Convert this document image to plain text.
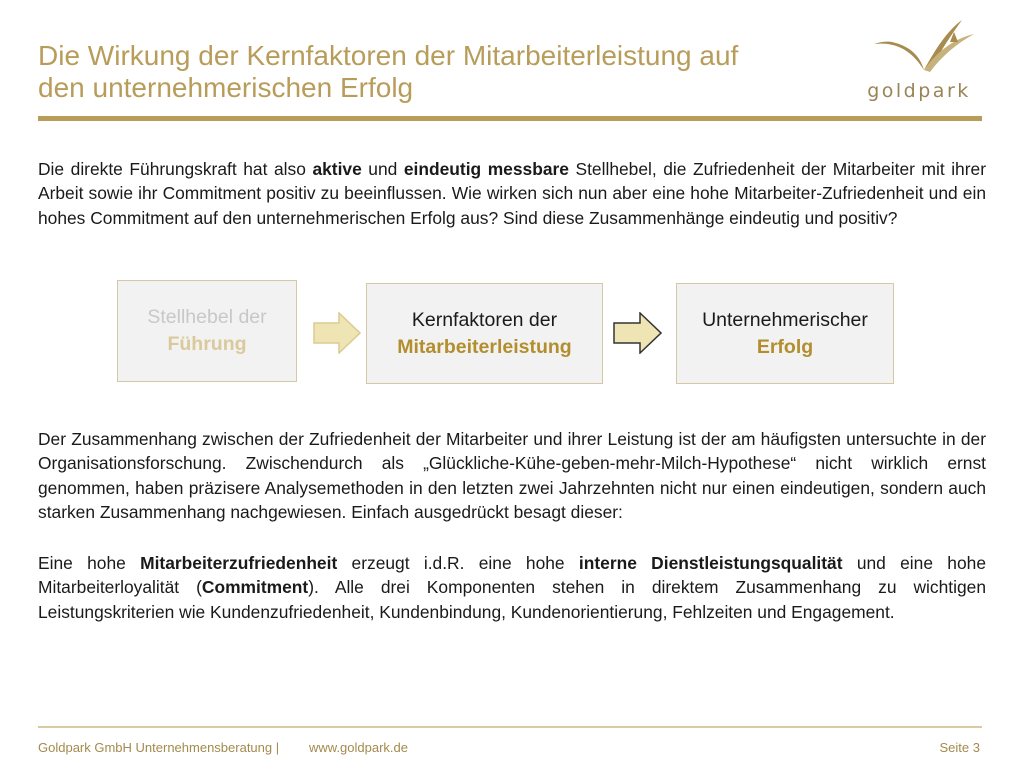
Die Wirkung der Kernfaktoren der Mitarbeiterleistung auf
den unternehmerischen Erfolg	goldpark

Die direkte Führungskraft hat also aktive und eindeutig messbare Stellhebel, die Zufriedenheit der Mitarbeiter mit ihrer Arbeit sowie ihr Commitment positiv zu beeinflussen. Wie wirken sich nun aber eine hohe Mitarbeiter-Zufriedenheit und ein hohes Commitment auf den unternehmerischen Erfolg aus? Sind diese Zusammenhänge eindeutig und positiv?

Stellhebel der
Führung
Kernfaktoren der
Mitarbeiterleistung
Unternehmerischer
Erfolg

Der Zusammenhang zwischen der Zufriedenheit der Mitarbeiter und ihrer Leistung ist der am häufigsten untersuchte in der Organisationsforschung. Zwischendurch als „Glückliche-Kühe-geben-mehr-Milch-Hypothese“ nicht wirklich ernst genommen, haben präzisere Analysemethoden in den letzten zwei Jahrzehnten nicht nur einen eindeutigen, sondern auch starken Zusammenhang nachgewiesen. Einfach ausgedrückt besagt dieser:

Eine hohe Mitarbeiterzufriedenheit erzeugt i.d.R. eine hohe interne Dienstleistungsqualität und eine hohe Mitarbeiterloyalität (Commitment). Alle drei Komponenten stehen in direktem Zusammenhang zu wichtigen Leistungskriterien wie Kundenzufriedenheit, Kundenbindung, Kundenorientierung, Fehlzeiten und Engagement.

Goldpark GmbH Unternehmensberatung | www.goldpark.de	Seite 3
